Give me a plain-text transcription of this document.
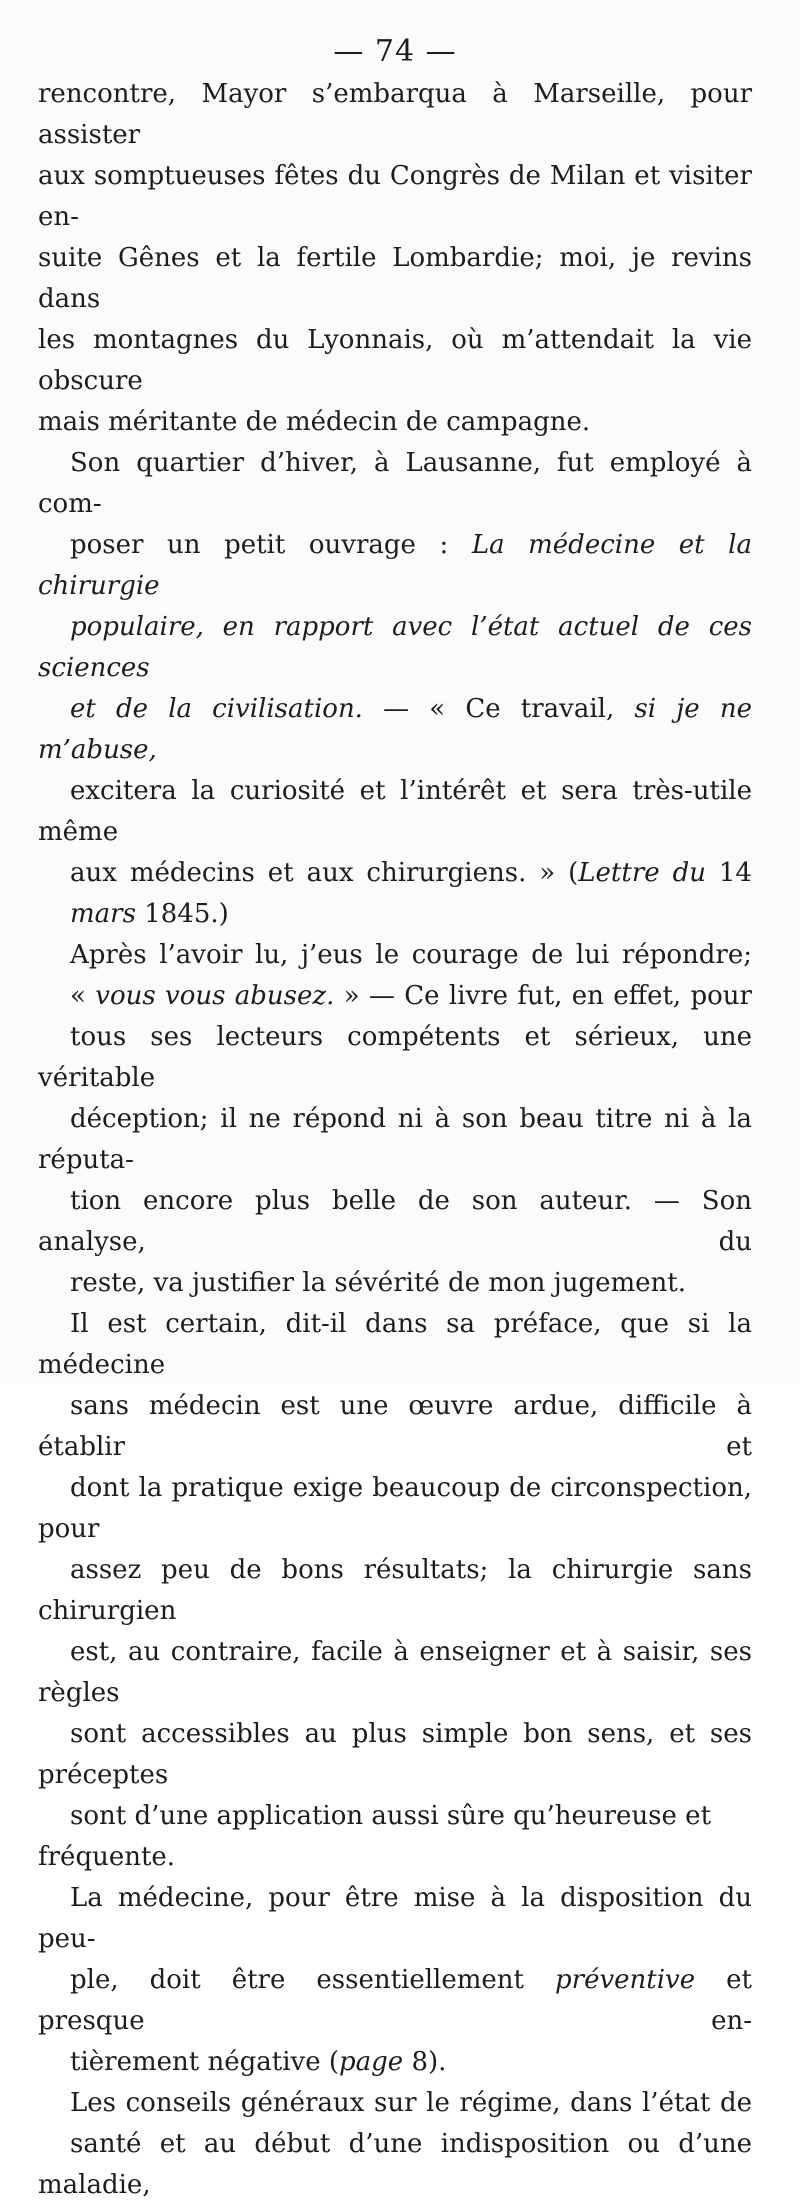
— 74 —

rencontre, Mayor s’embarqua à Marseille, pour assister
aux somptueuses fêtes du Congrès de Milan et visiter en-
suite Gênes et la fertile Lombardie; moi, je revins dans
les montagnes du Lyonnais, où m’attendait la vie obscure
mais méritante de médecin de campagne.

Son quartier d’hiver, à Lausanne, fut employé à com-
poser un petit ouvrage : La médecine et la chirurgie
populaire, en rapport avec l’état actuel de ces sciences
et de la civilisation. — « Ce travail, si je ne m’abuse,
excitera la curiosité et l’intérêt et sera très-utile même
aux médecins et aux chirurgiens. » (Lettre du 14
mars 1845.)

Après l’avoir lu, j’eus le courage de lui répondre;
« vous vous abusez. » — Ce livre fut, en effet, pour
tous ses lecteurs compétents et sérieux, une véritable
déception; il ne répond ni à son beau titre ni à la réputa-
tion encore plus belle de son auteur. — Son analyse, du
reste, va justifier la sévérité de mon jugement.

Il est certain, dit-il dans sa préface, que si la médecine
sans médecin est une œuvre ardue, difficile à établir et
dont la pratique exige beaucoup de circonspection, pour
assez peu de bons résultats; la chirurgie sans chirurgien
est, au contraire, facile à enseigner et à saisir, ses règles
sont accessibles au plus simple bon sens, et ses préceptes
sont d’une application aussi sûre qu’heureuse et fréquente.

La médecine, pour être mise à la disposition du peu-
ple, doit être essentiellement préventive et presque en-
tièrement négative (page 8).

Les conseils généraux sur le régime, dans l’état de
santé et au début d’une indisposition ou d’une maladie,
